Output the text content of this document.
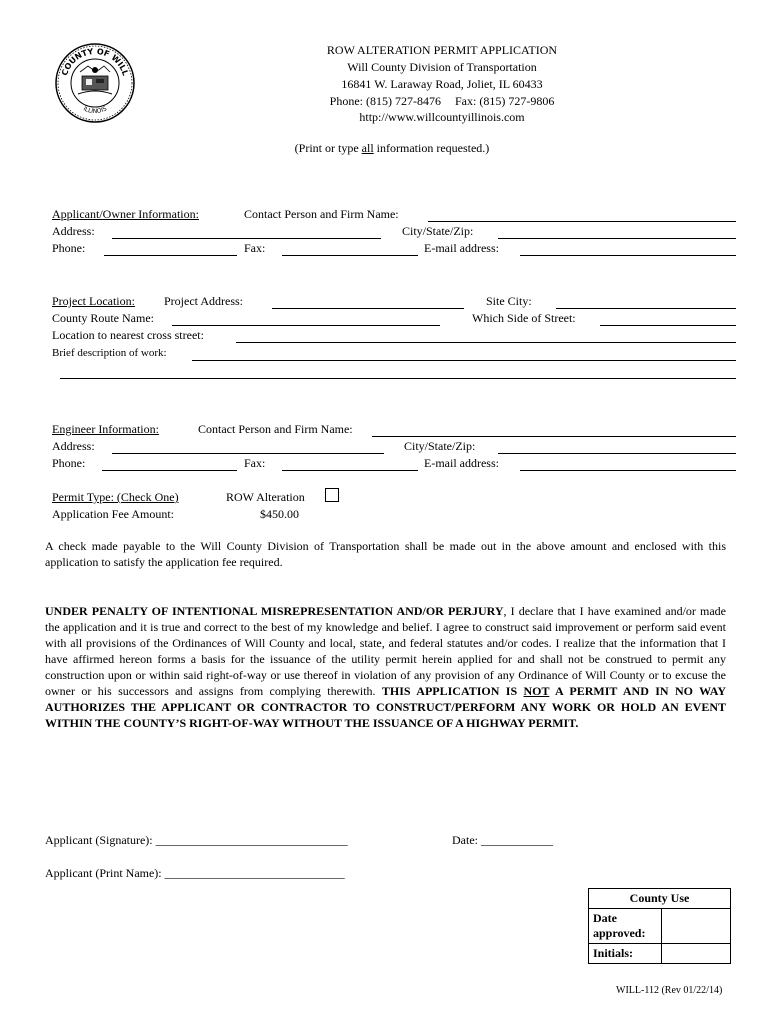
COUNTY OF WILL
ILLINOIS
ROW ALTERATION PERMIT APPLICATION
Will County Division of Transportation
16841 W. Laraway Road, Joliet, IL 60433
Phone: (815) 727-8476 Fax: (815) 727-9806
http://www.willcountyillinois.com
(Print or type all information requested.)
Applicant/Owner Information:	Contact Person and Firm Name:
Address:	City/State/Zip:
Phone:	Fax:	E-mail address:
Project Location: Project Address:	Site City:
County Route Name:	Which Side of Street:
Location to nearest cross street:
Brief description of work:
Engineer Information:	Contact Person and Firm Name:
Address:	City/State/Zip:
Phone:	Fax:	E-mail address:
Permit Type: (Check One)	ROW Alteration
Application Fee Amount:	$450.00
A check made payable to the Will County Division of Transportation shall be made out in the above amount and enclosed with this application to satisfy the application fee required.
UNDER PENALTY OF INTENTIONAL MISREPRESENTATION AND/OR PERJURY, I declare that I have examined and/or made the application and it is true and correct to the best of my knowledge and belief. I agree to construct said improvement or perform said event with all provisions of the Ordinances of Will County and local, state, and federal statutes and/or codes. I realize that the information that I have affirmed hereon forms a basis for the issuance of the utility permit herein applied for and shall not be construed to permit any construction upon or within said right-of-way or use thereof in violation of any provision of any Ordinance of Will County or to excuse the owner or his successors and assigns from complying therewith. THIS APPLICATION IS NOT A PERMIT AND IN NO WAY AUTHORIZES THE APPLICANT OR CONTRACTOR TO CONSTRUCT/PERFORM ANY WORK OR HOLD AN EVENT WITHIN THE COUNTY’S RIGHT-OF-WAY WITHOUT THE ISSUANCE OF A HIGHWAY PERMIT.
Applicant (Signature): ________________________________	Date: ____________
Applicant (Print Name): ______________________________
County Use	
Date approved:	
Initials:	
WILL-112 (Rev 01/22/14)
